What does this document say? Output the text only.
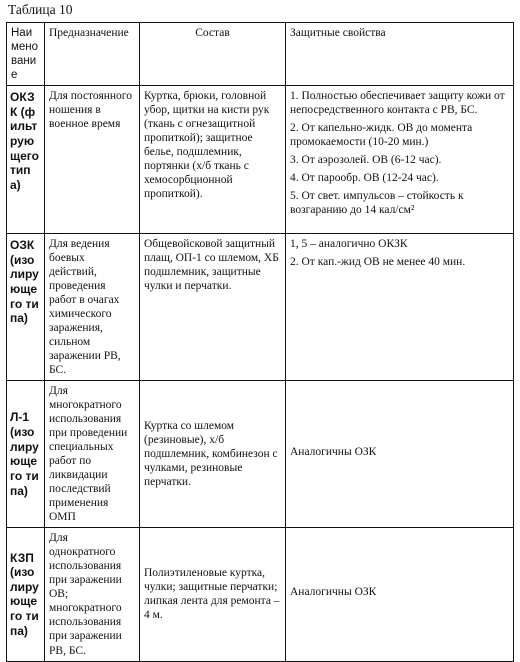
Таблица 10
Наименование	Предназначение	Состав	Защитные свойства
ОКЗК (фильтрующего типа)	Для постоянного ношения в военное время	Куртка, брюки, головной убор, щитки на кисти рук (ткань с огнезащитной пропиткой); защитное белье, подшлемник, портянки (х/б ткань с хемосорбционной пропиткой).	1. Полностью обеспечивает защиту кожи от непосредственного контакта с РВ, БС.

2. От капельно-жидк. ОВ до момента промокаемости (10-20 мин.)

3. От аэрозолей. ОВ (6-12 час).

4. От парообр. ОВ (12-24 час).

5. От свет. импульсов – стойкость к возгаранию до 14 кал/см²

ОЗК (изолирующего типа)	Для ведения боевых действий, проведения работ в очагах химического заражения, сильном заражении РВ, БС.	Общевойсковой защитный плащ, ОП-1 со шлемом, ХБ подшлемник, защитные чулки и перчатки.	1, 5 – аналогично ОКЗК

2. От кап.-жид ОВ не менее 40 мин.

Л-1 (изолирующего типа)	Для многократного использования при проведении специальных работ по ликвидации последствий применения ОМП	Куртка со шлемом (резиновые), х/б подшлемник, комбинезон с чулками, резиновые перчатки.	Аналогичны ОЗК

КЗП (изолирующего типа)	Для однократного использования при заражении ОВ; многократного использования при заражении РВ, БС.	Полиэтиленовые куртка, чулки; защитные перчатки; липкая лента для ремонта – 4 м.	Аналогичны ОЗК
